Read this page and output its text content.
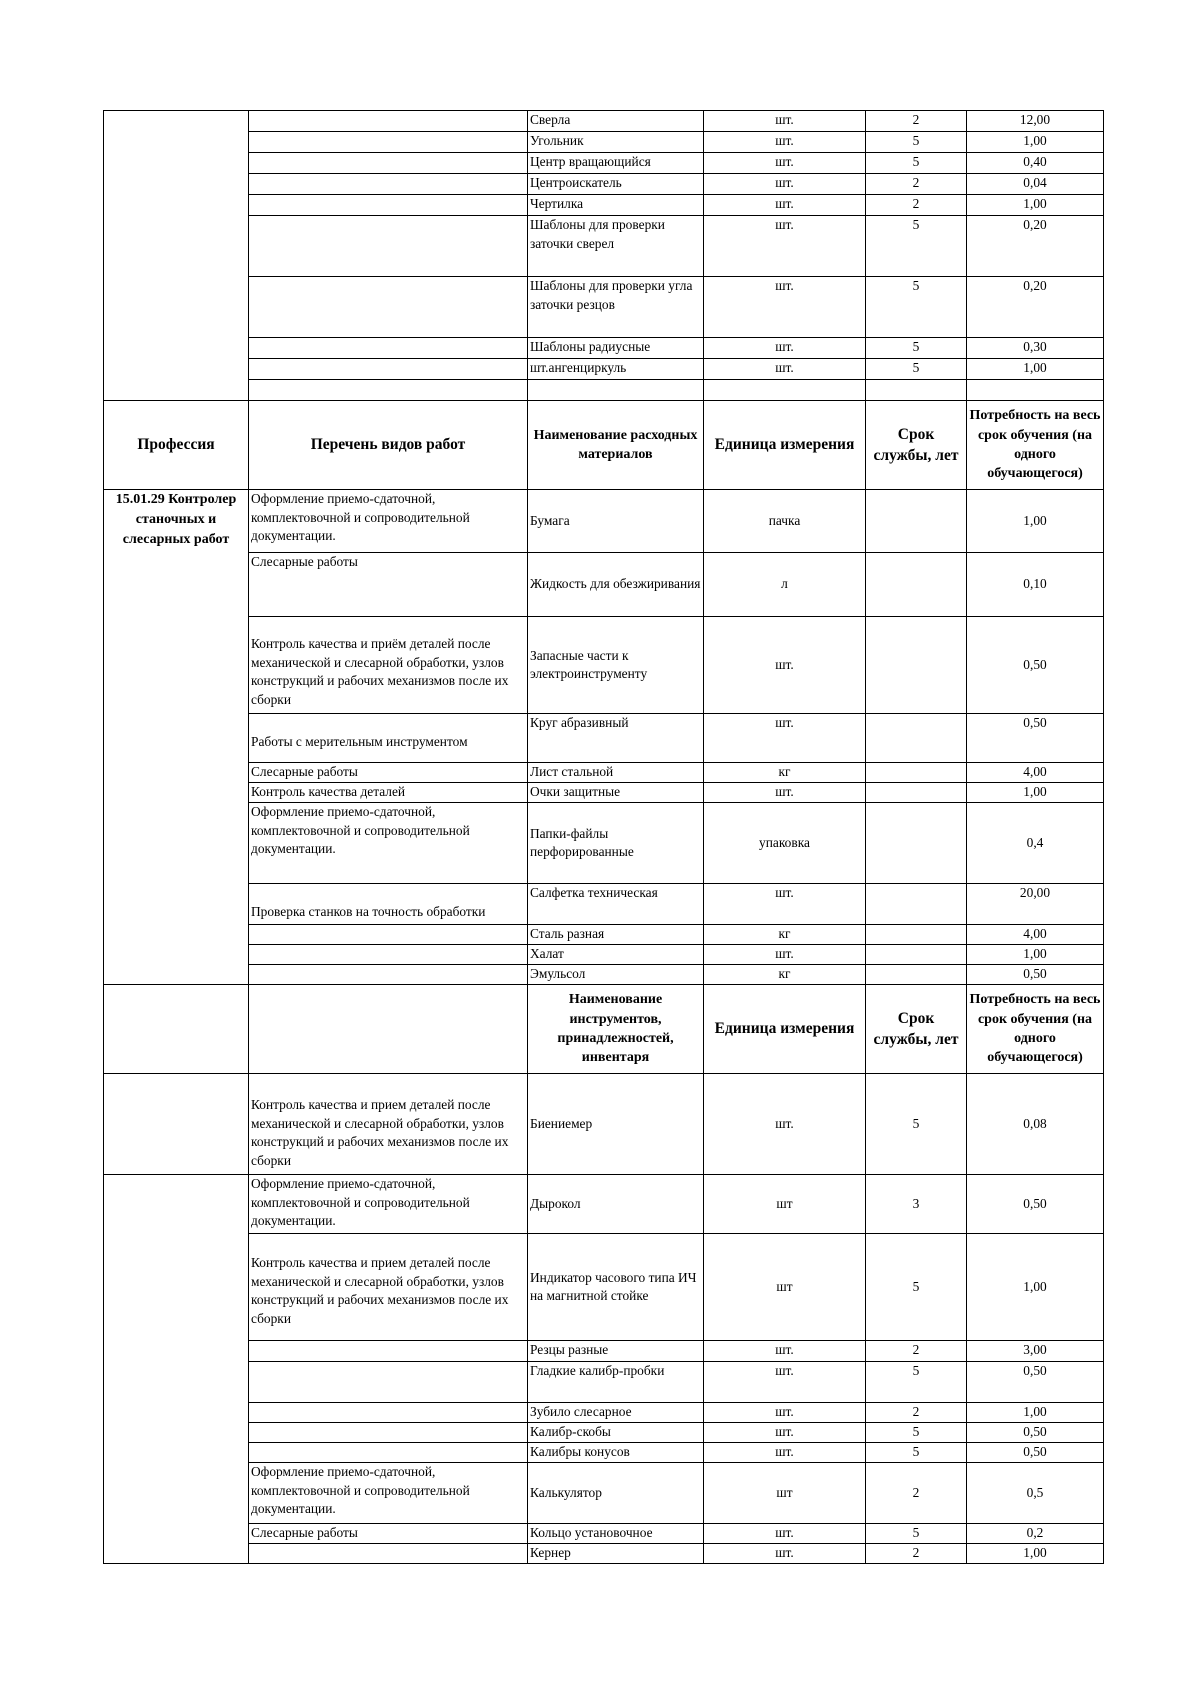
		Сверла	шт.	2	12,00
		Угольник	шт.	5	1,00
		Центр вращающийся	шт.	5	0,40
		Центроискатель	шт.	2	0,04
		Чертилка	шт.	2	1,00
		Шаблоны для проверки заточки сверел	шт.	5	0,20
		Шаблоны для проверки угла заточки резцов	шт.	5	0,20
		Шаблоны радиусные	шт.	5	0,30
		шт.ангенциркуль	шт.	5	1,00

Профессия	Перечень видов работ	Наименование расходных материалов	Единица измерения	Срок службы, лет	Потребность на весь срок обучения (на одного обучающегося)

15.01.29 Контролер станочных и слесарных работ	Оформление приемо-сдаточной, комплектовочной и сопроводительной документации.	Бумага	пачка		1,00
	Слесарные работы	Жидкость для обезжиривания	л		0,10
	Контроль качества и приём деталей после механической и слесарной обработки, узлов конструкций и рабочих механизмов после их сборки	Запасные части к электроинструменту	шт.		0,50
	Работы с мерительным инструментом	Круг абразивный	шт.		0,50
	Слесарные работы	Лист стальной	кг		4,00
	Контроль качества деталей	Очки защитные	шт.		1,00
	Оформление приемо-сдаточной, комплектовочной и сопроводительной документации.	Папки-файлы перфорированные	упаковка		0,4
	Проверка станков на точность обработки	Салфетка техническая	шт.		20,00
		Сталь разная	кг		4,00
		Халат	шт.		1,00
		Эмульсол	кг		0,50
		Наименование инструментов, принадлежностей, инвентаря	Единица измерения	Срок службы, лет	Потребность на весь срок обучения (на одного обучающегося)
	Контроль качества и прием деталей после механической и слесарной обработки, узлов конструкций и рабочих механизмов после их сборки	Биениемер	шт.	5	0,08
	Оформление приемо-сдаточной, комплектовочной и сопроводительной документации.	Дырокол	шт	3	0,50
	Контроль качества и прием деталей после механической и слесарной обработки, узлов конструкций и рабочих механизмов после их сборки	Индикатор часового типа ИЧ на магнитной стойке	шт	5	1,00
		Резцы разные	шт.	2	3,00
		Гладкие калибр-пробки	шт.	5	0,50
		Зубило слесарное	шт.	2	1,00
		Калибр-скобы	шт.	5	0,50
		Калибры конусов	шт.	5	0,50
	Оформление приемо-сдаточной, комплектовочной и сопроводительной документации.	Калькулятор	шт	2	0,5
	Слесарные работы	Кольцо установочное	шт.	5	0,2
		Кернер	шт.	2	1,00
